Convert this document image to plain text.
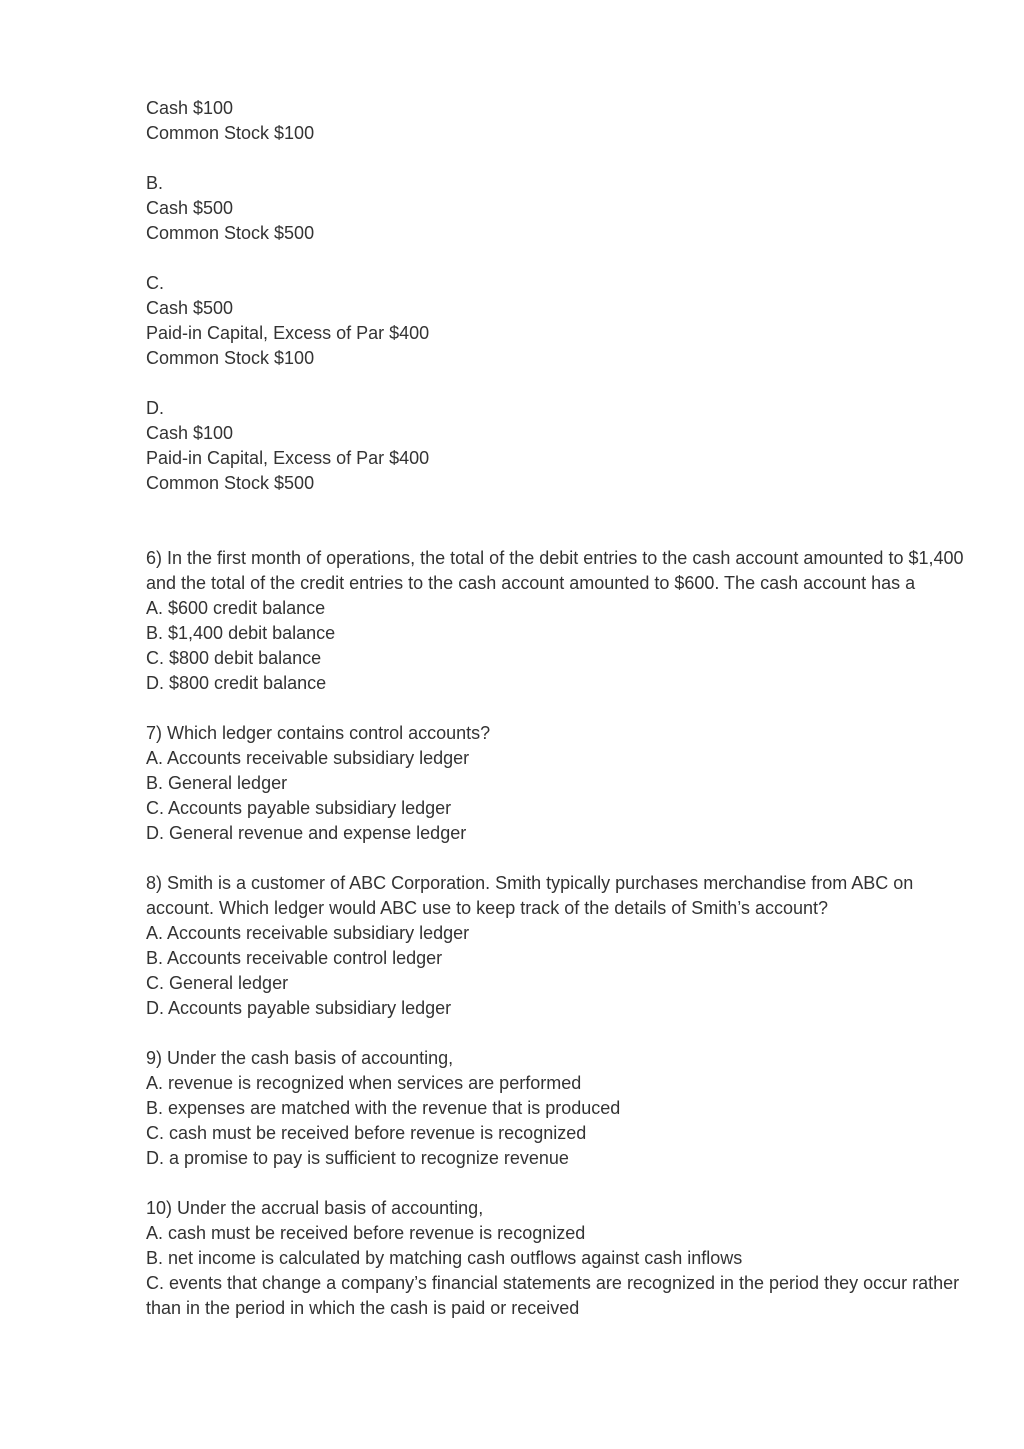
Cash $100
Common Stock $100
B.
Cash $500
Common Stock $500
C.
Cash $500
Paid-in Capital, Excess of Par $400
Common Stock $100
D.
Cash $100
Paid-in Capital, Excess of Par $400
Common Stock $500
6) In the first month of operations, the total of the debit entries to the cash account amounted to $1,400 and the total of the credit entries to the cash account amounted to $600. The cash account has a
A. $600 credit balance
B. $1,400 debit balance
C. $800 debit balance
D. $800 credit balance
7) Which ledger contains control accounts?
A. Accounts receivable subsidiary ledger
B. General ledger
C. Accounts payable subsidiary ledger
D. General revenue and expense ledger
8) Smith is a customer of ABC Corporation. Smith typically purchases merchandise from ABC on account. Which ledger would ABC use to keep track of the details of Smith’s account?
A. Accounts receivable subsidiary ledger
B. Accounts receivable control ledger
C. General ledger
D. Accounts payable subsidiary ledger
9) Under the cash basis of accounting,
A. revenue is recognized when services are performed
B. expenses are matched with the revenue that is produced
C. cash must be received before revenue is recognized
D. a promise to pay is sufficient to recognize revenue
10) Under the accrual basis of accounting,
A. cash must be received before revenue is recognized
B. net income is calculated by matching cash outflows against cash inflows
C. events that change a company’s financial statements are recognized in the period they occur rather than in the period in which the cash is paid or received
